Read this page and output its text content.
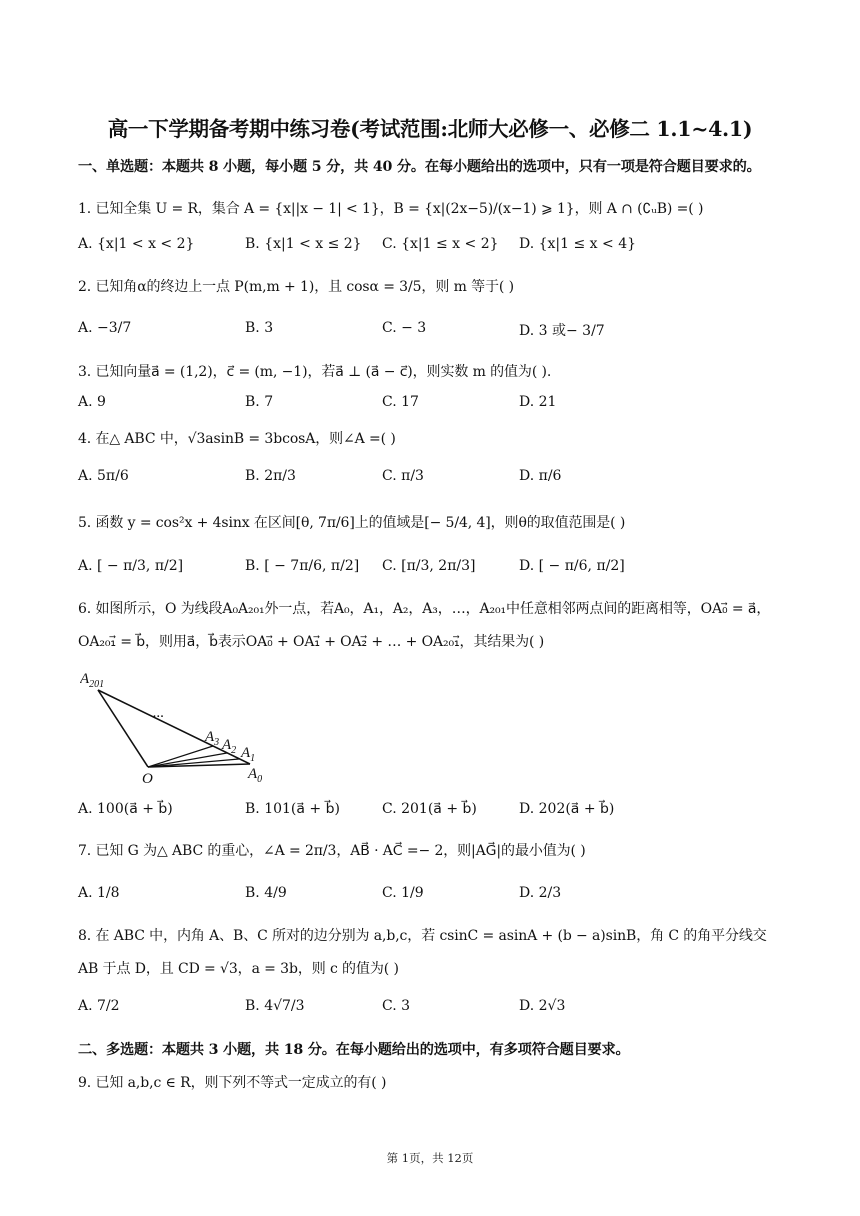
高一下学期备考期中练习卷(考试范围:北师大必修一、必修二 1.1~4.1)
一、单选题：本题共 8 小题，每小题 5 分，共 40 分。在每小题给出的选项中，只有一项是符合题目要求的。
1. 已知全集 U = R，集合 A = {x||x − 1| < 1}，B = {x|(2x−5)/(x−1) ⩾ 1}，则 A ∩ (∁ᵤB) =( )
A. {x|1 < x < 2}	B. {x|1 < x ≤ 2} C. {x|1 ≤ x < 2} D. {x|1 ≤ x < 4}
2. 已知角α的终边上一点 P(m,m + 1)，且 cosα = 3/5，则 m 等于( )
A. −3/7	B. 3	C. − 3	D. 3 或− 3/7
3. 已知向量a⃗ = (1,2)，c⃗ = (m, −1)，若a⃗ ⊥ (a⃗ − c⃗)，则实数 m 的值为( ).
A. 9	B. 7	C. 17	D. 21
4. 在△ ABC 中，√3asinB = 3bcosA，则∠A =( )
A. 5π/6	B. 2π/3	C. π/3	D. π/6
5. 函数 y = cos²x + 4sinx 在区间[θ, 7π/6]上的值域是[− 5/4, 4]，则θ的取值范围是( )
A. [ − π/3, π/2]	B. [ − 7π/6, π/2] C. [π/3, 2π/3]	D. [ − π/6, π/2]
6. 如图所示，O 为线段A₀A₂₀₁外一点，若A₀，A₁，A₂，A₃，…，A₂₀₁中任意相邻两点间的距离相等，OA₀⃗ = a⃗，
OA₂₀₁⃗ = b⃗，则用a⃗，b⃗表示OA₀⃗ + OA₁⃗ + OA₂⃗ + … + OA₂₀₁⃗，其结果为( )
$A_{201}$
...
$A_3$ $A_2$ $A_1$
$A_0$
O
A. 100(a⃗ + b⃗)	B. 101(a⃗ + b⃗)	C. 201(a⃗ + b⃗)	D. 202(a⃗ + b⃗)
7. 已知 G 为△ ABC 的重心，∠A = 2π/3，AB⃗ · AC⃗ =− 2，则|AG⃗|的最小值为( )
A. 1/8	B. 4/9	C. 1/9	D. 2/3
8. 在 ABC 中，内角 A、B、C 所对的边分别为 a,b,c，若 csinC = asinA + (b − a)sinB，角 C 的角平分线交
AB 于点 D，且 CD = √3，a = 3b，则 c 的值为( )
A. 7/2	B. 4√7/3	C. 3	D. 2√3
二、多选题：本题共 3 小题，共 18 分。在每小题给出的选项中，有多项符合题目要求。
9. 已知 a,b,c ∈ R，则下列不等式一定成立的有( )
第 1页，共 12页
